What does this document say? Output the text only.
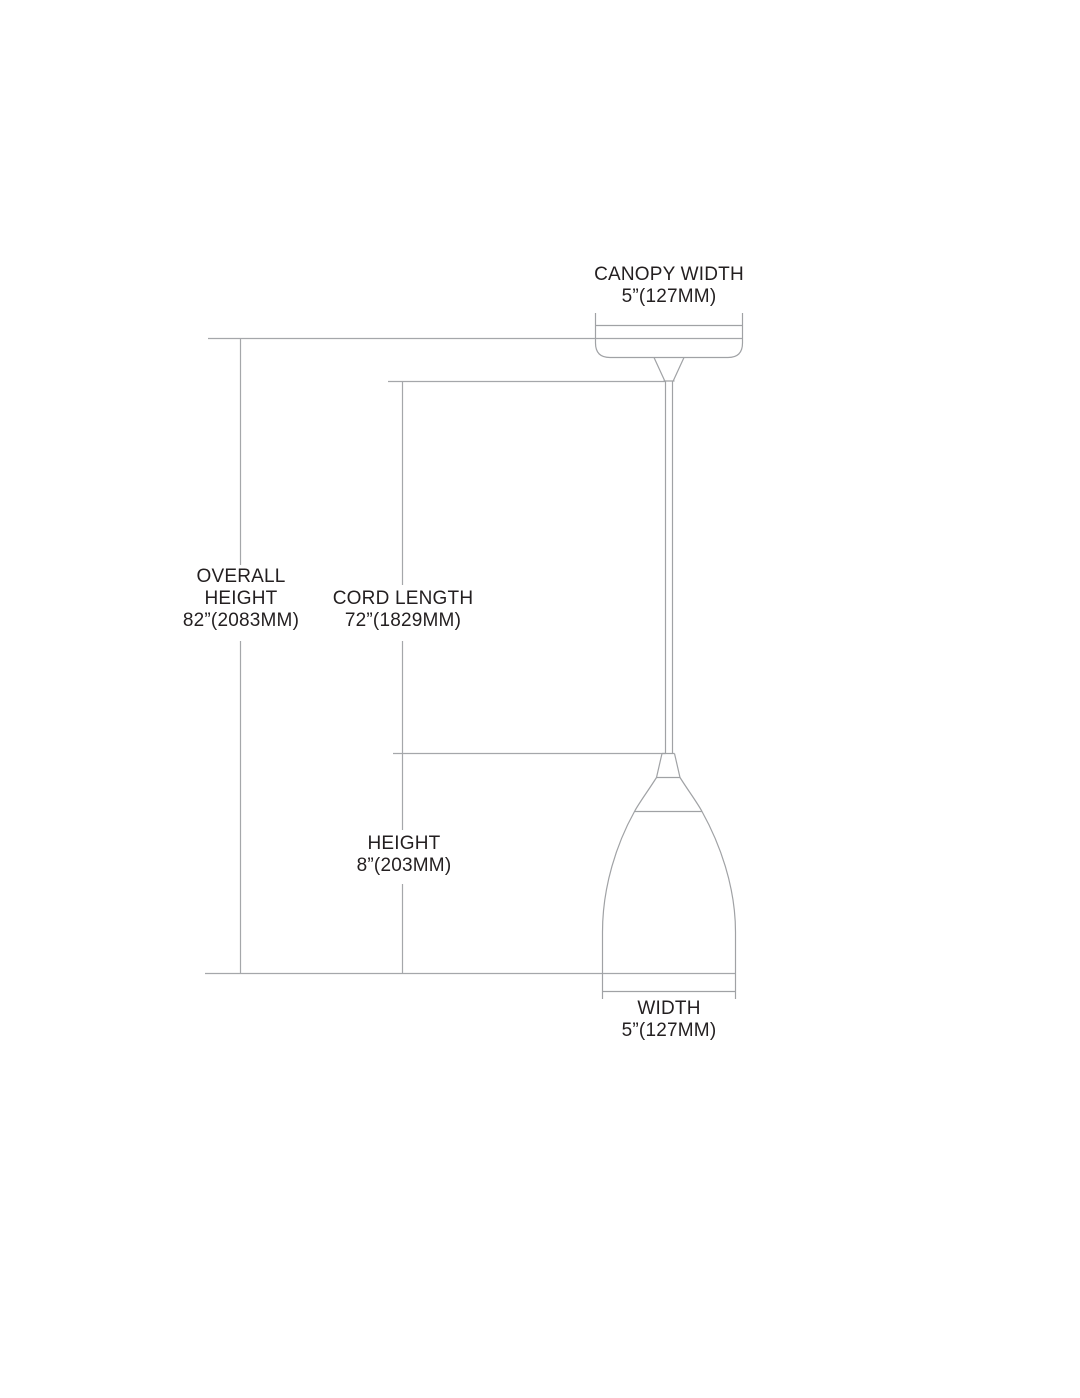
CANOPY WIDTH
5”(127MM)
OVERALL
HEIGHT
82”(2083MM)
CORD LENGTH
72”(1829MM)
HEIGHT
8”(203MM)
WIDTH
5”(127MM)
